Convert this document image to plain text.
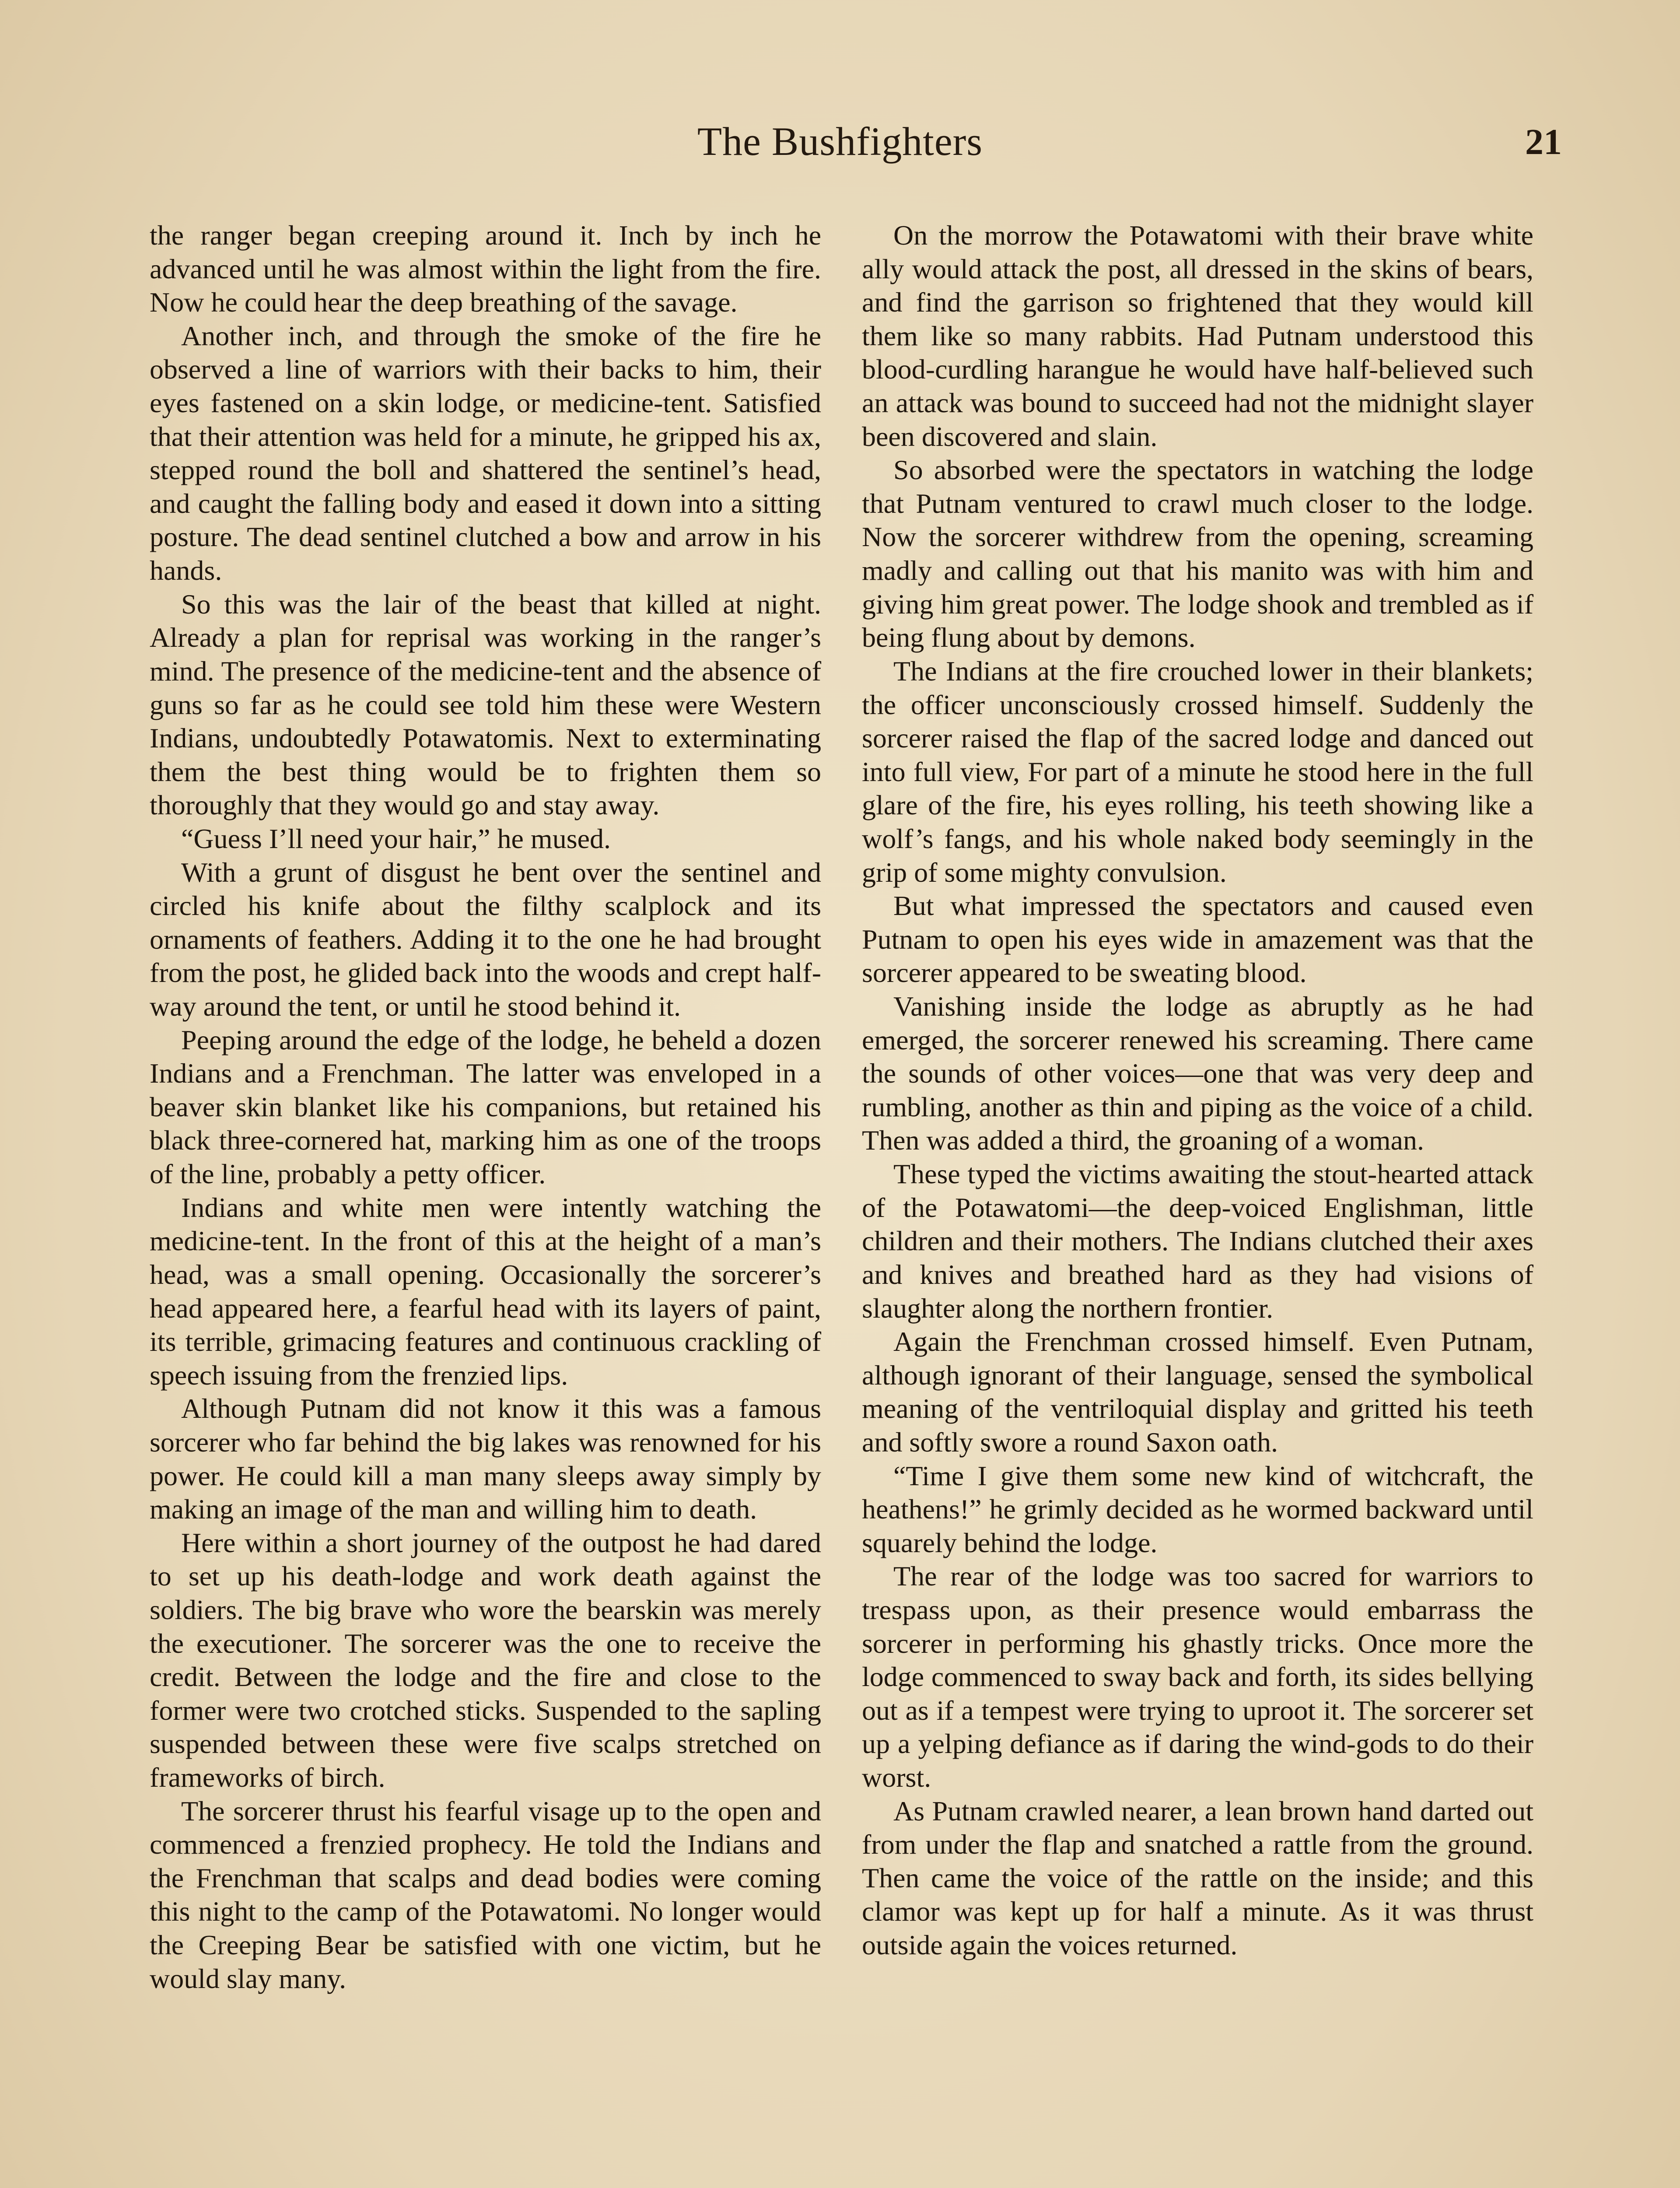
The Bushfighters	21

the ranger began creeping around it. Inch by inch he advanced until he was almost within the light from the fire. Now he could hear the deep breathing of the savage.

Another inch, and through the smoke of the fire he observed a line of warriors with their backs to him, their eyes fastened on a skin lodge, or medicine-tent. Satisfied that their attention was held for a minute, he gripped his ax, stepped round the boll and shattered the sentinel’s head, and caught the falling body and eased it down into a sitting posture. The dead sentinel clutched a bow and arrow in his hands.

So this was the lair of the beast that killed at night. Already a plan for reprisal was working in the ranger’s mind. The presence of the medicine-tent and the absence of guns so far as he could see told him these were Western Indians, undoubtedly Potawatomis. Next to exterminating them the best thing would be to frighten them so thoroughly that they would go and stay away.

“Guess I’ll need your hair,” he mused.

With a grunt of disgust he bent over the sentinel and circled his knife about the filthy scalplock and its ornaments of feathers. Adding it to the one he had brought from the post, he glided back into the woods and crept half-way around the tent, or until he stood behind it.

Peeping around the edge of the lodge, he beheld a dozen Indians and a Frenchman. The latter was enveloped in a beaver skin blanket like his companions, but retained his black three-cornered hat, marking him as one of the troops of the line, probably a petty officer.

Indians and white men were intently watching the medicine-tent. In the front of this at the height of a man’s head, was a small opening. Occasionally the sorcerer’s head appeared here, a fearful head with its layers of paint, its terrible, grimacing features and continuous crackling of speech issuing from the frenzied lips.

Although Putnam did not know it this was a famous sorcerer who far behind the big lakes was renowned for his power. He could kill a man many sleeps away simply by making an image of the man and willing him to death.

Here within a short journey of the outpost he had dared to set up his death-lodge and work death against the soldiers. The big brave who wore the bearskin was merely the executioner. The sorcerer was the one to receive the credit. Between the lodge and the fire and close to the former were two crotched sticks. Suspended to the sapling suspended between these were five scalps stretched on frameworks of birch.

The sorcerer thrust his fearful visage up to the open and commenced a frenzied prophecy. He told the Indians and the Frenchman that scalps and dead bodies were coming this night to the camp of the Potawatomi. No longer would the Creeping Bear be satisfied with one victim, but he would slay many.

On the morrow the Potawatomi with their brave white ally would attack the post, all dressed in the skins of bears, and find the garrison so frightened that they would kill them like so many rabbits. Had Putnam understood this blood-curdling harangue he would have half-believed such an attack was bound to succeed had not the midnight slayer been discovered and slain.

So absorbed were the spectators in watching the lodge that Putnam ventured to crawl much closer to the lodge. Now the sorcerer withdrew from the opening, screaming madly and calling out that his manito was with him and giving him great power. The lodge shook and trembled as if being flung about by demons.

The Indians at the fire crouched lower in their blankets; the officer unconsciously crossed himself. Suddenly the sorcerer raised the flap of the sacred lodge and danced out into full view, For part of a minute he stood here in the full glare of the fire, his eyes rolling, his teeth showing like a wolf’s fangs, and his whole naked body seemingly in the grip of some mighty convulsion.

But what impressed the spectators and caused even Putnam to open his eyes wide in amazement was that the sorcerer appeared to be sweating blood.

Vanishing inside the lodge as abruptly as he had emerged, the sorcerer renewed his screaming. There came the sounds of other voices—one that was very deep and rumbling, another as thin and piping as the voice of a child. Then was added a third, the groaning of a woman.

These typed the victims awaiting the stout-hearted attack of the Potawatomi—the deep-voiced Englishman, little children and their mothers. The Indians clutched their axes and knives and breathed hard as they had visions of slaughter along the northern frontier.

Again the Frenchman crossed himself. Even Putnam, although ignorant of their language, sensed the symbolical meaning of the ventriloquial display and gritted his teeth and softly swore a round Saxon oath.

“Time I give them some new kind of witchcraft, the heathens!” he grimly decided as he wormed backward until squarely behind the lodge.

The rear of the lodge was too sacred for warriors to trespass upon, as their presence would embarrass the sorcerer in performing his ghastly tricks. Once more the lodge commenced to sway back and forth, its sides bellying out as if a tempest were trying to uproot it. The sorcerer set up a yelping defiance as if daring the wind-gods to do their worst.

As Putnam crawled nearer, a lean brown hand darted out from under the flap and snatched a rattle from the ground. Then came the voice of the rattle on the inside; and this clamor was kept up for half a minute. As it was thrust outside again the voices returned.
